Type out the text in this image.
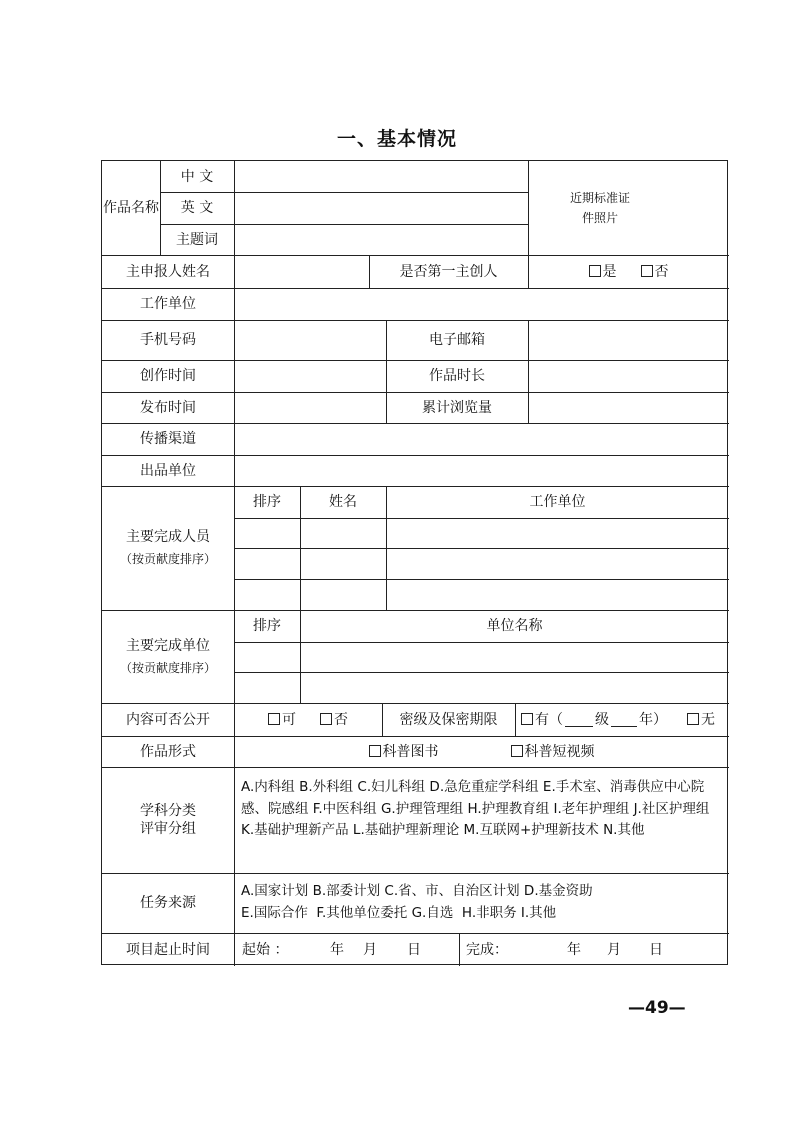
一、基本情况
作品名称
中 文
英 文
主题词
近期标准证件照片
主申报人姓名	是否第一主创人	是	否
工作单位
手机号码	电子邮箱
创作时间	作品时长
发布时间	累计浏览量
传播渠道
出品单位
主要完成人员
（按贡献度排序）
排序	姓名	工作单位
主要完成单位
（按贡献度排序）
排序	单位名称
内容可否公开	可	否	密级及保密期限	有（ 级 年）	无
作品形式	科普图书	科普短视频
学科分类
评审分组
A.内科组 B.外科组 C.妇儿科组 D.急危重症学科组 E.手术室、消毒供应中心院感、院感组 F.中医科组 G.护理管理组 H.护理教育组 I.老年护理组 J.社区护理组 K.基础护理新产品 L.基础护理新理论 M.互联网+护理新技术 N.其他
任务来源
A.国家计划 B.部委计划 C.省、市、自治区计划 D.基金资助
E.国际合作  F.其他单位委托 G.自选  H.非职务 I.其他
项目起止时间	起始 ：	年 月 日	完成：	年 月 日
—49—
